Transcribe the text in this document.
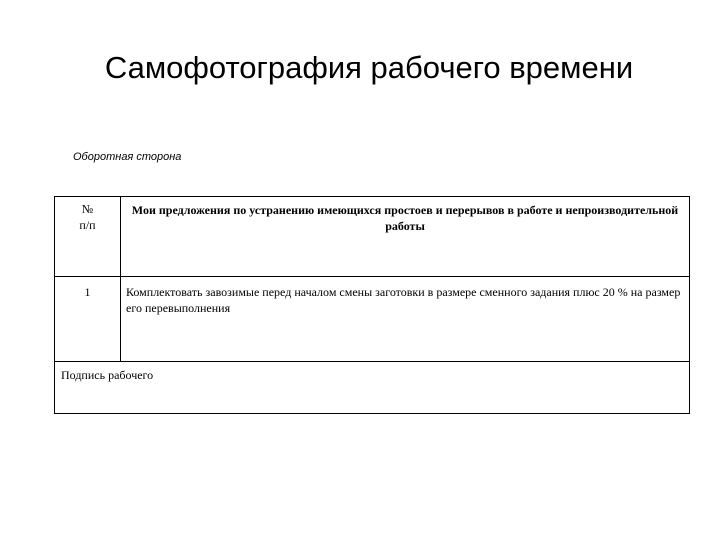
Самофотография рабочего времени
Оборотная сторона
№
п/п	Мои предложения по устранению имеющихся простоев и перерывов в работе и непроизводительной работы

1	Комплектовать завозимые перед началом смены заготовки в размере сменного задания плюс 20 % на размер его перевыполнения
Подпись рабочего	
